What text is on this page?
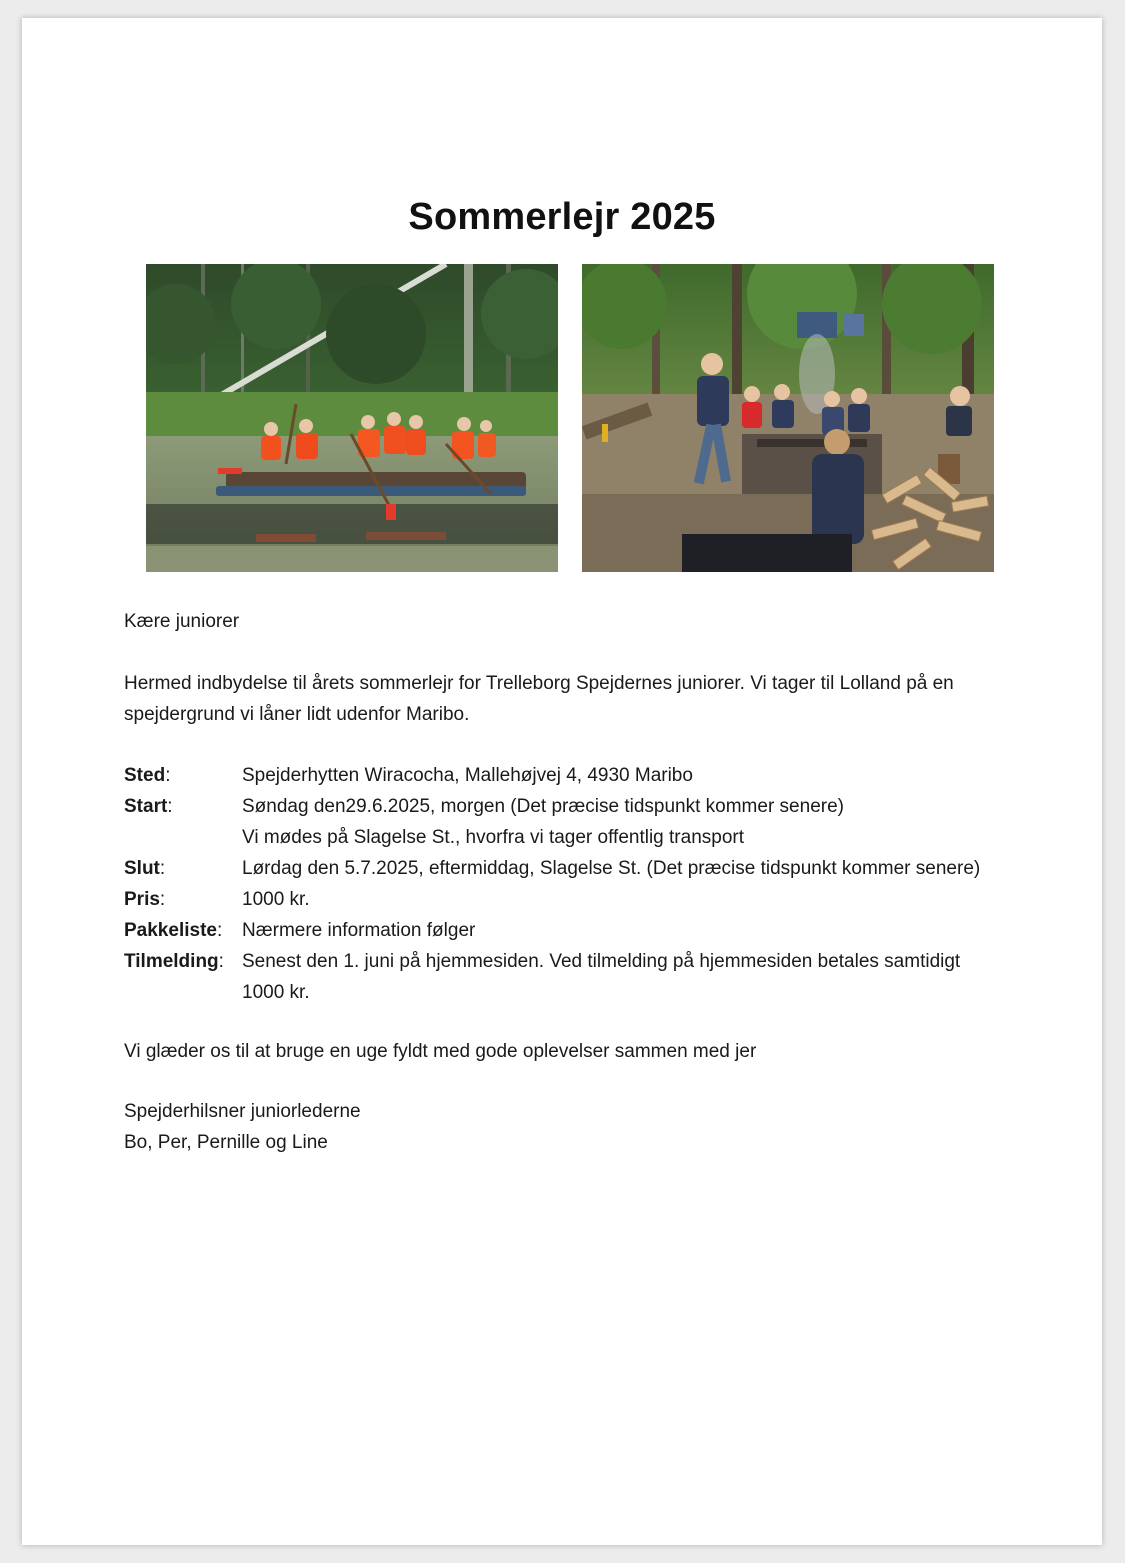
Sommerlejr 2025
Kære juniorer
Hermed indbydelse til årets sommerlejr for Trelleborg Spejdernes juniorer. Vi tager til Lolland på en spejdergrund vi låner lidt udenfor Maribo.
Sted:	Spejderhytten Wiracocha, Mallehøjvej 4, 4930 Maribo
Start:	Søndag den29.6.2025, morgen (Det præcise tidspunkt kommer senere)
Vi mødes på Slagelse St., hvorfra vi tager offentlig transport
Slut:	Lørdag den 5.7.2025, eftermiddag, Slagelse St. (Det præcise tidspunkt kommer senere)
Pris:	1000 kr.
Pakkeliste:	Nærmere information følger
Tilmelding: Senest den 1. juni på hjemmesiden. Ved tilmelding på hjemmesiden betales samtidigt
1000 kr.
Vi glæder os til at bruge en uge fyldt med gode oplevelser sammen med jer
Spejderhilsner juniorlederne
Bo, Per, Pernille og Line
